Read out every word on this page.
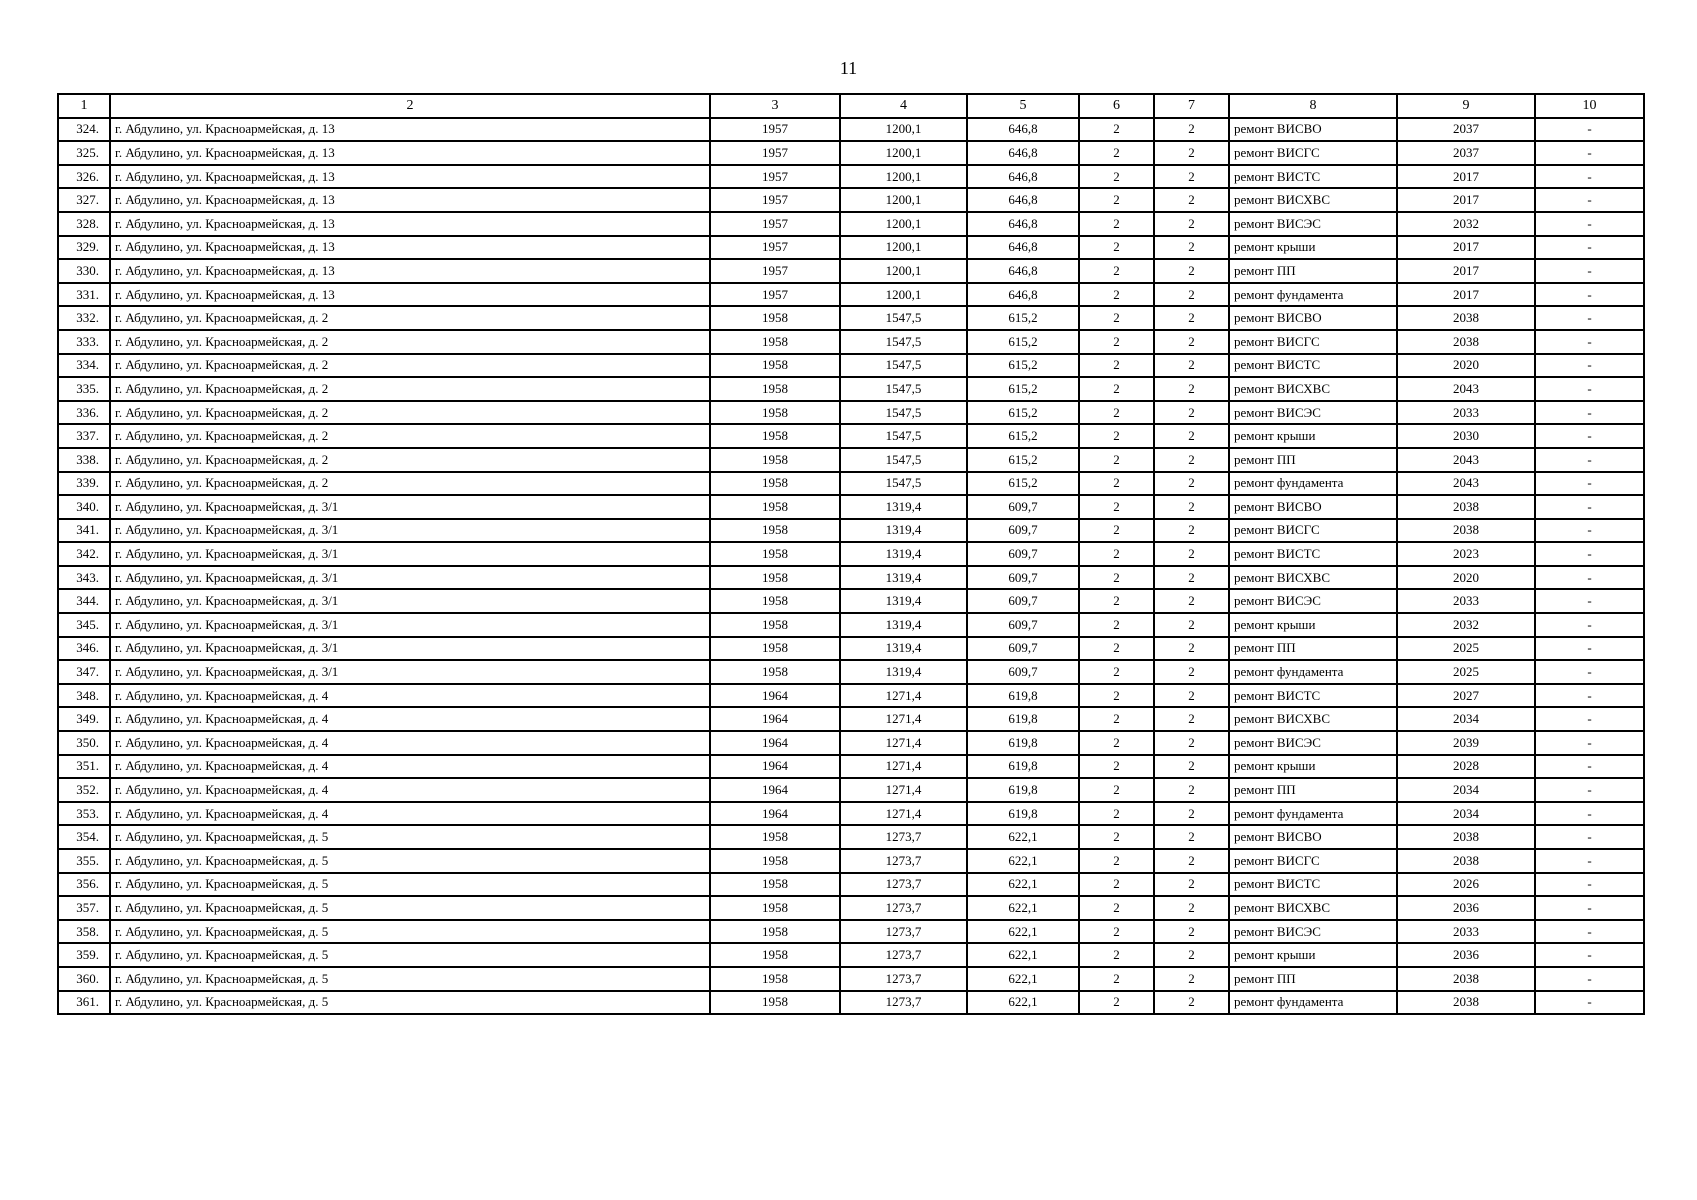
11
1	2	3	4	5	6	7	8	9	10
324.	г. Абдулино, ул. Красноармейская, д. 13	1957	1200,1	646,8	2	2	ремонт ВИСВО	2037	-
325.	г. Абдулино, ул. Красноармейская, д. 13	1957	1200,1	646,8	2	2	ремонт ВИСГС	2037	-
326.	г. Абдулино, ул. Красноармейская, д. 13	1957	1200,1	646,8	2	2	ремонт ВИСТС	2017	-
327.	г. Абдулино, ул. Красноармейская, д. 13	1957	1200,1	646,8	2	2	ремонт ВИСХВС	2017	-
328.	г. Абдулино, ул. Красноармейская, д. 13	1957	1200,1	646,8	2	2	ремонт ВИСЭС	2032	-
329.	г. Абдулино, ул. Красноармейская, д. 13	1957	1200,1	646,8	2	2	ремонт крыши	2017	-
330.	г. Абдулино, ул. Красноармейская, д. 13	1957	1200,1	646,8	2	2	ремонт ПП	2017	-
331.	г. Абдулино, ул. Красноармейская, д. 13	1957	1200,1	646,8	2	2	ремонт фундамента	2017	-
332.	г. Абдулино, ул. Красноармейская, д. 2	1958	1547,5	615,2	2	2	ремонт ВИСВО	2038	-
333.	г. Абдулино, ул. Красноармейская, д. 2	1958	1547,5	615,2	2	2	ремонт ВИСГС	2038	-
334.	г. Абдулино, ул. Красноармейская, д. 2	1958	1547,5	615,2	2	2	ремонт ВИСТС	2020	-
335.	г. Абдулино, ул. Красноармейская, д. 2	1958	1547,5	615,2	2	2	ремонт ВИСХВС	2043	-
336.	г. Абдулино, ул. Красноармейская, д. 2	1958	1547,5	615,2	2	2	ремонт ВИСЭС	2033	-
337.	г. Абдулино, ул. Красноармейская, д. 2	1958	1547,5	615,2	2	2	ремонт крыши	2030	-
338.	г. Абдулино, ул. Красноармейская, д. 2	1958	1547,5	615,2	2	2	ремонт ПП	2043	-
339.	г. Абдулино, ул. Красноармейская, д. 2	1958	1547,5	615,2	2	2	ремонт фундамента	2043	-
340.	г. Абдулино, ул. Красноармейская, д. 3/1	1958	1319,4	609,7	2	2	ремонт ВИСВО	2038	-
341.	г. Абдулино, ул. Красноармейская, д. 3/1	1958	1319,4	609,7	2	2	ремонт ВИСГС	2038	-
342.	г. Абдулино, ул. Красноармейская, д. 3/1	1958	1319,4	609,7	2	2	ремонт ВИСТС	2023	-
343.	г. Абдулино, ул. Красноармейская, д. 3/1	1958	1319,4	609,7	2	2	ремонт ВИСХВС	2020	-
344.	г. Абдулино, ул. Красноармейская, д. 3/1	1958	1319,4	609,7	2	2	ремонт ВИСЭС	2033	-
345.	г. Абдулино, ул. Красноармейская, д. 3/1	1958	1319,4	609,7	2	2	ремонт крыши	2032	-
346.	г. Абдулино, ул. Красноармейская, д. 3/1	1958	1319,4	609,7	2	2	ремонт ПП	2025	-
347.	г. Абдулино, ул. Красноармейская, д. 3/1	1958	1319,4	609,7	2	2	ремонт фундамента	2025	-
348.	г. Абдулино, ул. Красноармейская, д. 4	1964	1271,4	619,8	2	2	ремонт ВИСТС	2027	-
349.	г. Абдулино, ул. Красноармейская, д. 4	1964	1271,4	619,8	2	2	ремонт ВИСХВС	2034	-
350.	г. Абдулино, ул. Красноармейская, д. 4	1964	1271,4	619,8	2	2	ремонт ВИСЭС	2039	-
351.	г. Абдулино, ул. Красноармейская, д. 4	1964	1271,4	619,8	2	2	ремонт крыши	2028	-
352.	г. Абдулино, ул. Красноармейская, д. 4	1964	1271,4	619,8	2	2	ремонт ПП	2034	-
353.	г. Абдулино, ул. Красноармейская, д. 4	1964	1271,4	619,8	2	2	ремонт фундамента	2034	-
354.	г. Абдулино, ул. Красноармейская, д. 5	1958	1273,7	622,1	2	2	ремонт ВИСВО	2038	-
355.	г. Абдулино, ул. Красноармейская, д. 5	1958	1273,7	622,1	2	2	ремонт ВИСГС	2038	-
356.	г. Абдулино, ул. Красноармейская, д. 5	1958	1273,7	622,1	2	2	ремонт ВИСТС	2026	-
357.	г. Абдулино, ул. Красноармейская, д. 5	1958	1273,7	622,1	2	2	ремонт ВИСХВС	2036	-
358.	г. Абдулино, ул. Красноармейская, д. 5	1958	1273,7	622,1	2	2	ремонт ВИСЭС	2033	-
359.	г. Абдулино, ул. Красноармейская, д. 5	1958	1273,7	622,1	2	2	ремонт крыши	2036	-
360.	г. Абдулино, ул. Красноармейская, д. 5	1958	1273,7	622,1	2	2	ремонт ПП	2038	-
361.	г. Абдулино, ул. Красноармейская, д. 5	1958	1273,7	622,1	2	2	ремонт фундамента	2038	-
